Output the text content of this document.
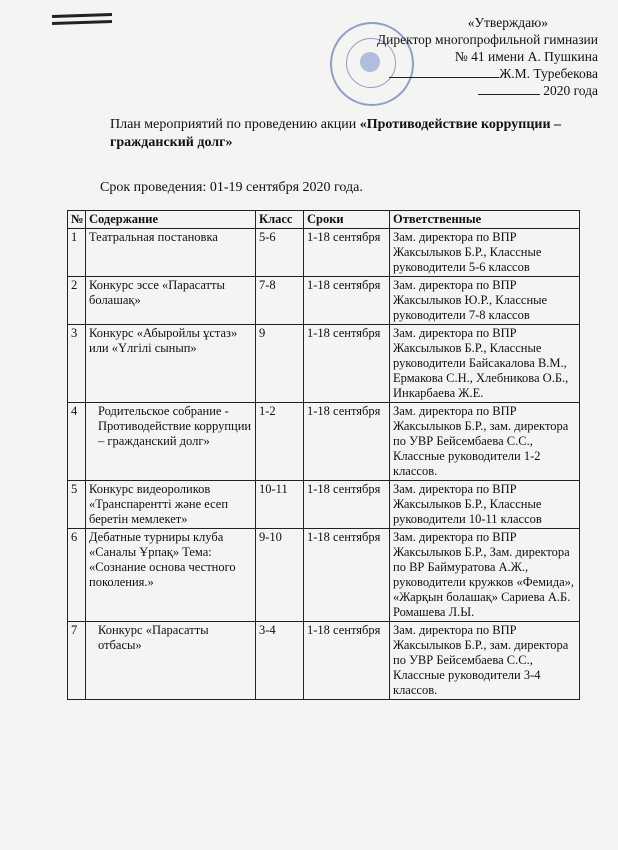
«Утверждаю»
Директор многопрофильной гимназии
№ 41 имени А. Пушкина
Ж.М. Туребекова
2020 года
План мероприятий по проведению акции «Противодействие коррупции – гражданский долг»
Срок проведения: 01-19 сентября 2020 года.
№	Содержание	Класс	Сроки	Ответственные
1	Театральная постановка	5-6	1-18 сентября	Зам. директора по ВПР Жаксылыков Б.Р., Классные руководители 5-6 классов
2	Конкурс эссе «Парасатты болашақ»	7-8	1-18 сентября	Зам. директора по ВПР Жаксылыков Ю.Р., Классные руководители 7-8 классов
3	Конкурс «Абыройлы ұстаз» или «Үлгілі сынып»	9	1-18 сентября	Зам. директора по ВПР Жаксылыков Б.Р., Классные руководители Байсакалова В.М., Ермакова С.Н., Хлебникова О.Б., Инкарбаева Ж.Е.
4	Родительское собрание - Противодействие коррупции – гражданский долг»	1-2	1-18 сентября	Зам. директора по ВПР Жаксылыков Б.Р., зам. директора по УВР Бейсембаева С.С., Классные руководители 1-2 классов.
5	Конкурс видеороликов «Транспарентті және есеп беретін мемлекет»	10-11	1-18 сентября	Зам. директора по ВПР Жаксылыков Б.Р., Классные руководители 10-11 классов
6	Дебатные турниры клуба «Саналы Ұрпақ» Тема: «Сознание основа честного поколения.»	9-10	1-18 сентября	Зам. директора по ВПР Жаксылыков Б.Р., Зам. директора по ВР Баймуратова А.Ж., руководители кружков «Фемида», «Жарқын болашақ» Сариева А.Б. Ромашева Л.Ы.
7	Конкурс «Парасатты отбасы»	3-4	1-18 сентября	Зам. директора по ВПР Жаксылыков Б.Р., зам. директора по УВР Бейсембаева С.С., Классные руководители 3-4 классов.
